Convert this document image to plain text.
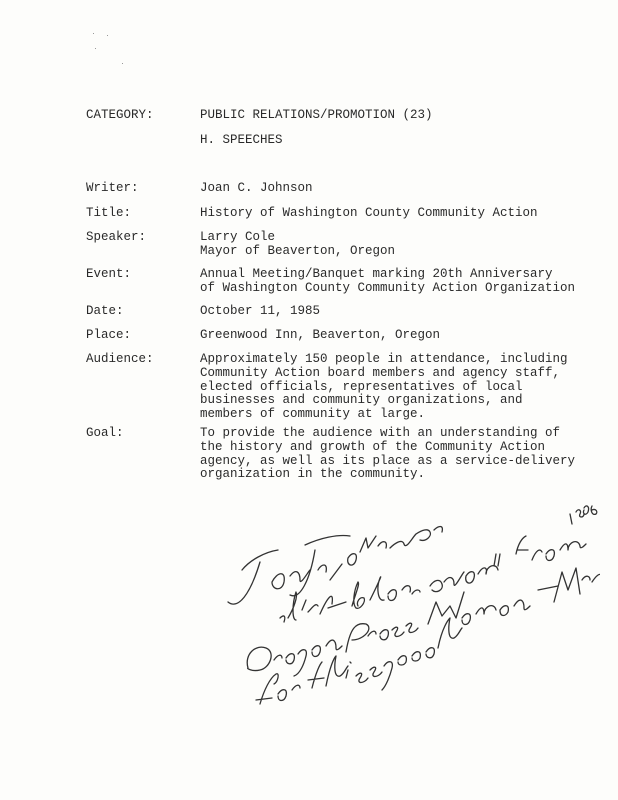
CATEGORY:	PUBLIC RELATIONS/PROMOTION (23)
H. SPEECHES
Writer:	Joan C. Johnson
Title:	History of Washington County Community Action
Speaker:	Larry Cole
Mayor of Beaverton, Oregon
Event:	Annual Meeting/Banquet marking 20th Anniversary
of Washington County Community Action Organization
Date:	October 11, 1985
Place:	Greenwood Inn, Beaverton, Oregon
Audience:	Approximately 150 people in attendance, including
Community Action board members and agency staff,
elected officials, representatives of local
businesses and community organizations, and
members of community at large.
Goal:	To provide the audience with an understanding of
the history and growth of the Community Action
agency, as well as its place as a service-delivery
organization in the community.
